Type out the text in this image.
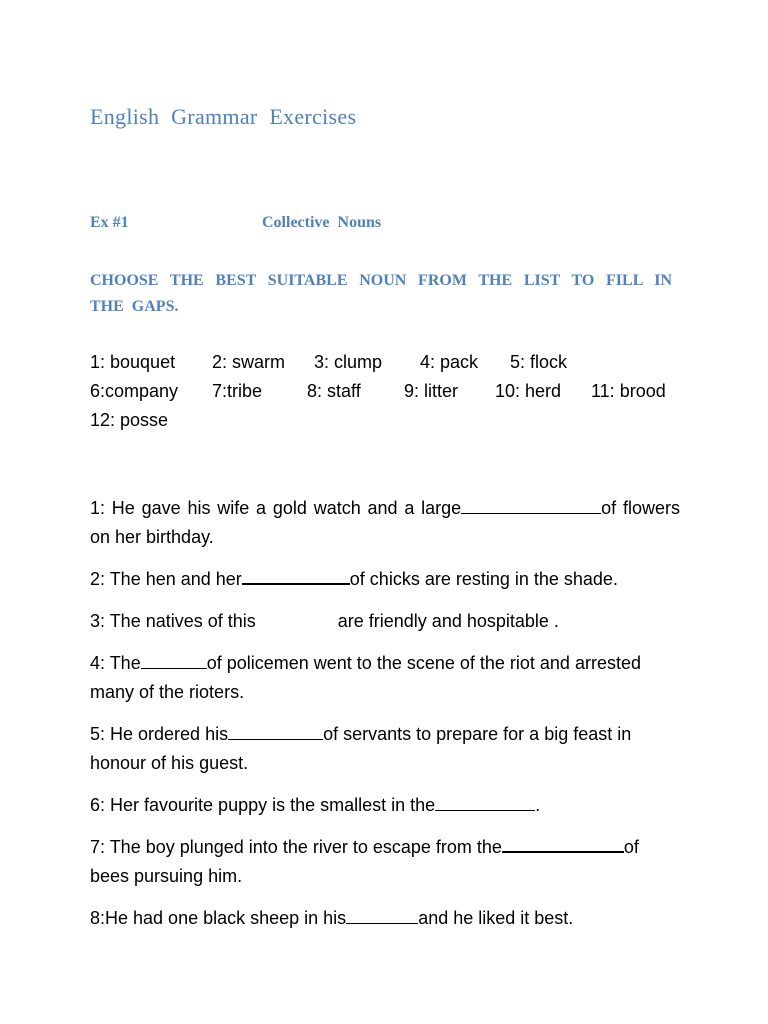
English Grammar Exercises
Ex #1	Collective Nouns

CHOOSE THE BEST SUITABLE NOUN FROM THE LIST TO FILL IN THE GAPS.

1: bouquet 2: swarm 3: clump 4: pack 5: flock
6:company 7:tribe 8: staff 9: litter 10: herd 11: brood
12: posse

1: He gave his wife a gold watch and a large	of flowers on her birthday.

2: The hen and her	of chicks are resting in the shade.

3: The natives of this	are friendly and hospitable .

4: The	of policemen went to the scene of the riot and arrested many of the rioters.

5: He ordered his	of servants to prepare for a big feast in honour of his guest.

6: Her favourite puppy is the smallest in the	.

7: The boy plunged into the river to escape from the	of bees pursuing him.

8:He had one black sheep in his	and he liked it best.
